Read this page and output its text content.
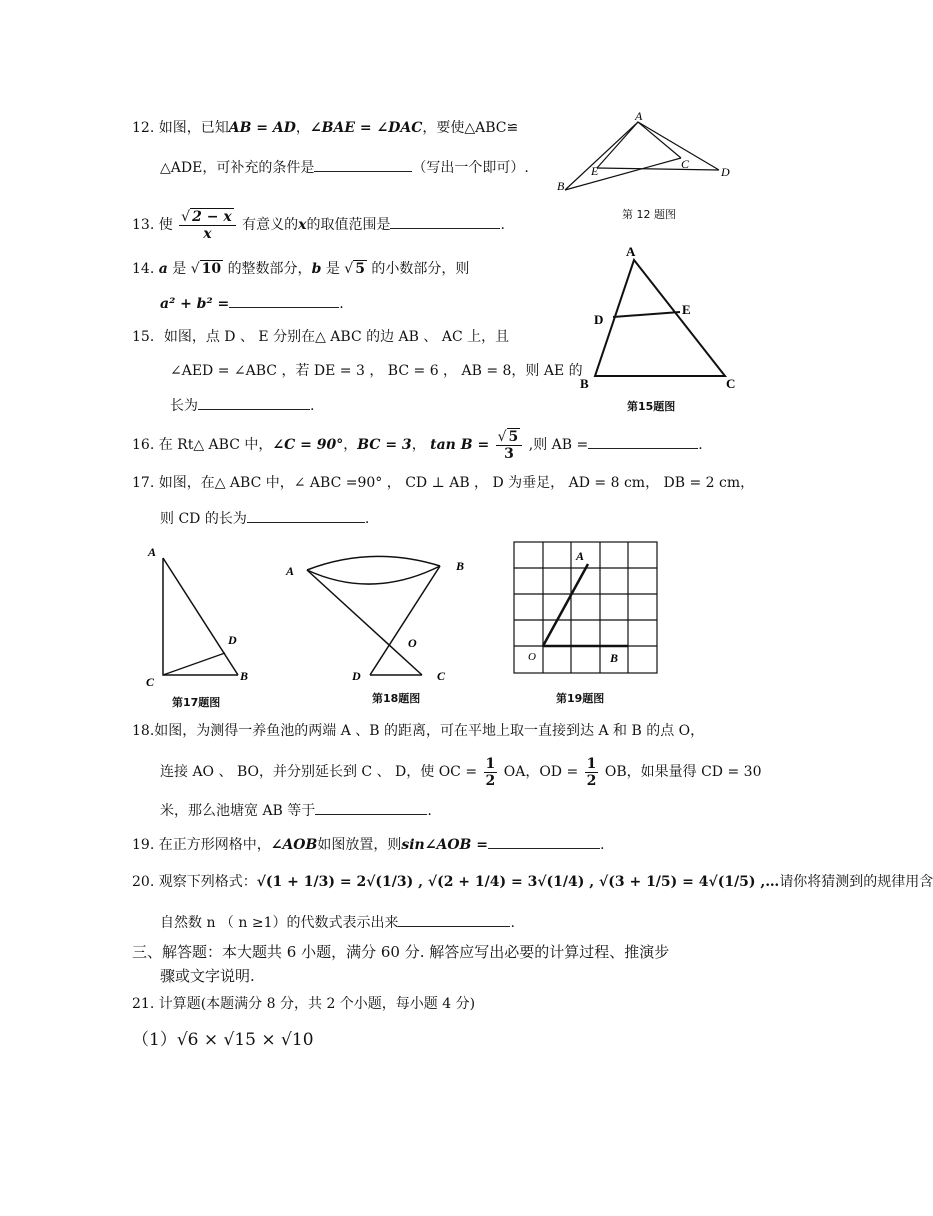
12. 如图，已知AB = AD，∠BAE = ∠DAC，要使△ABC≌
△ADE，可补充的条件是	（写出一个即可）.
A
B
E	C
D
第 12 题图
13. 使 $\frac{√ 2 - x}{x}$ 有意义的x的取值范围是	.
14. a 是 √ 10 的整数部分，b 是 √ 5 的小数部分，则
a² + b² =	.
A
D
E
B	C
第15题图
15．如图，点 D 、 E 分别在△ ABC 的边 AB 、 AC 上，且
∠AED = ∠ABC ，若 DE = 3 ， BC = 6 ， AB = 8，则 AE 的
长为	.
16. 在 Rt△ ABC 中，∠C = 90°，BC = 3， $\tan B = \frac{√ 5}{3}$ ,则 AB =	.
17. 如图，在△ ABC 中，∠ ABC =90° ， CD ⊥ AB ， D 为垂足， AD = 8 cm， DB = 2 cm，
则 CD 的长为	.
A
D
C	B
第17题图
A	B
O
D	C
第18题图
A
O	B
第19题图
18.如图，为测得一养鱼池的两端 A 、B 的距离，可在平地上取一直接到达 A 和 B 的点 O，
连接 AO 、 BO，并分别延长到 C 、 D，使 OC = $\frac{1}{2}$ OA，OD = $\frac{1}{2}$ OB，如果量得 CD = 30
米，那么池塘宽 AB 等于	.
19. 在正方形网格中，∠AOB如图放置，则sin∠AOB =	.
20. 观察下列格式：√(1 + 1/3) = 2√(1/3) , √(2 + 1/4) = 3√(1/4) , √(3 + 1/5) = 4√(1/5) ,…请你将猜测到的规律用含
自然数 n （ n ≥1）的代数式表示出来	.
三、解答题：本大题共 6 小题，满分 60 分. 解答应写出必要的计算过程、推演步
骤或文字说明.
21. 计算题(本题满分 8 分，共 2 个小题，每小题 4 分)
（1）√6 × √15 × √10
